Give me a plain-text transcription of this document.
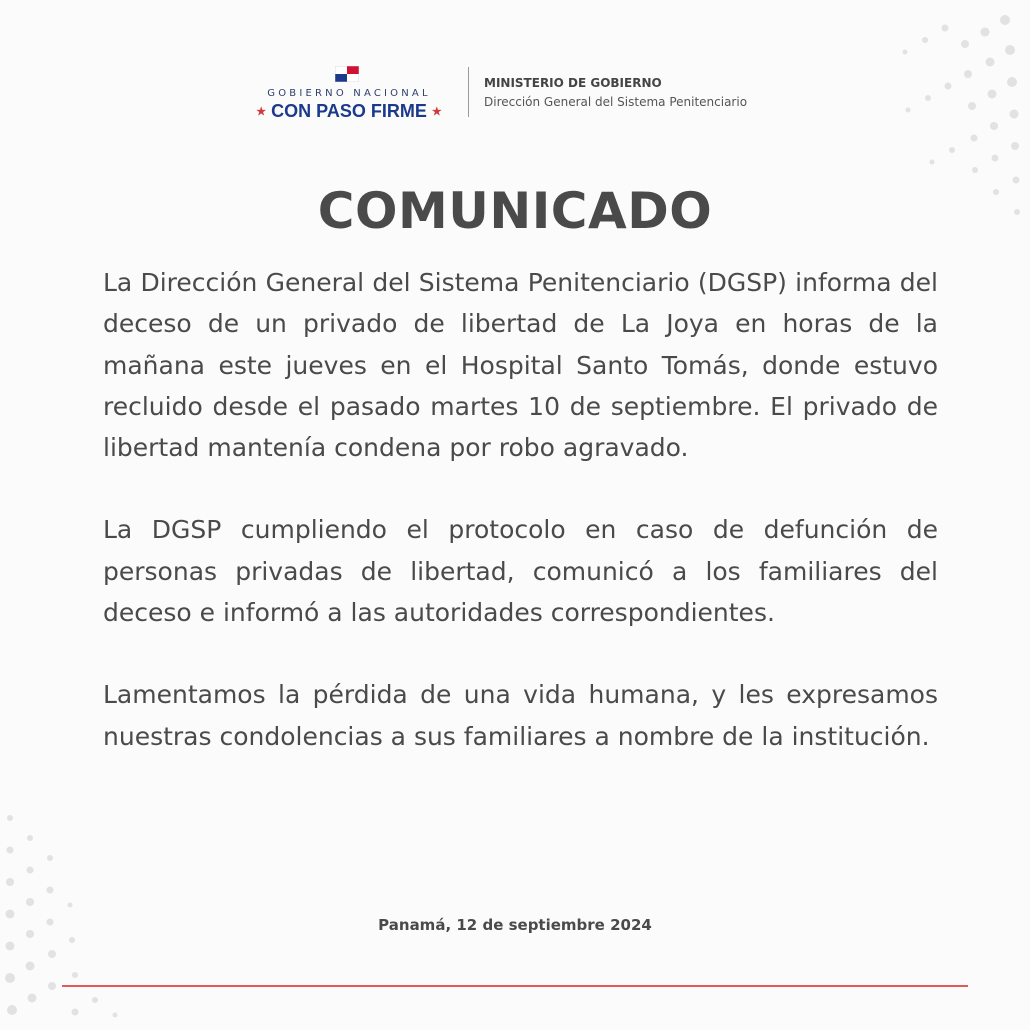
GOBIERNO NACIONAL
★ CON PASO FIRME ★
MINISTERIO DE GOBIERNO
Dirección General del Sistema Penitenciario
COMUNICADO

La Dirección General del Sistema Penitenciario (DGSP) informa del deceso de un privado de libertad de La Joya en horas de la mañana este jueves en el Hospital Santo Tomás, donde estuvo recluido desde el pasado martes 10 de septiembre. El privado de libertad mantenía condena por robo agravado.

La DGSP cumpliendo el protocolo en caso de defunción de personas privadas de libertad, comunicó a los familiares del deceso e informó a las autoridades correspondientes.

Lamentamos la pérdida de una vida humana, y les expresamos nuestras condolencias a sus familiares a nombre de la institución.

Panamá, 12 de septiembre 2024
